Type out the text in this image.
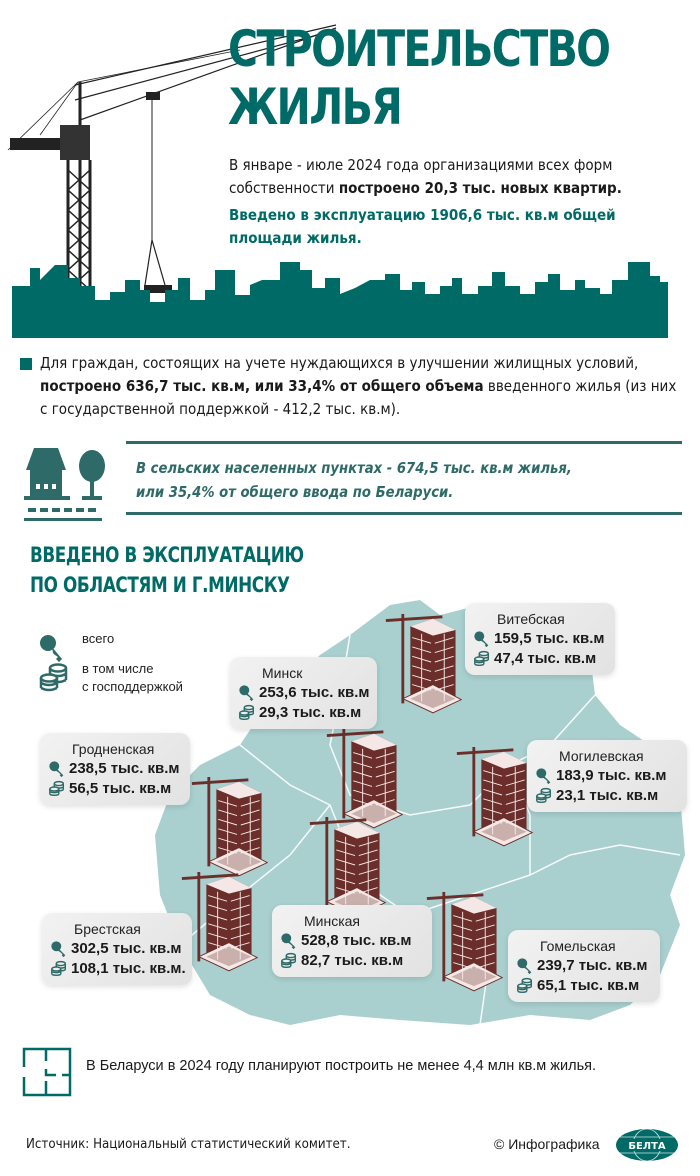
СТРОИТЕЛЬСТВО
ЖИЛЬЯ
В январе - июле 2024 года организациями всех форм собственности построено 20,3 тыс. новых квартир.
Введено в эксплуатацию 1906,6 тыс. кв.м общей площади жилья.
Для граждан, состоящих на учете нуждающихся в улучшении жилищных условий, построено 636,7 тыс. кв.м, или 33,4% от общего объема введенного жилья (из них с государственной поддержкой - 412,2 тыс. кв.м).
В сельских населенных пунктах - 674,5 тыс. кв.м жилья,
или 35,4% от общего ввода по Беларуси.
ВВЕДЕНО В ЭКСПЛУАТАЦИЮ
ПО ОБЛАСТЯМ И Г.МИНСКУ
всего
в том числе
с господдержкой
Витебская
159,5 тыс. кв.м
47,4 тыс. кв.м
Минск
253,6 тыс. кв.м
29,3 тыс. кв.м
Гродненская
238,5 тыс. кв.м
56,5 тыс. кв.м
Могилевская
183,9 тыс. кв.м
23,1 тыс. кв.м
Брестская
302,5 тыс. кв.м
108,1 тыс. кв.м.
Минская
528,8 тыс. кв.м
82,7 тыс. кв.м
Гомельская
239,7 тыс. кв.м
65,1 тыс. кв.м
В Беларуси в 2024 году планируют построить не менее 4,4 млн кв.м жилья.
Источник: Национальный статистический комитет.	© Инфографика	БЕЛТА
